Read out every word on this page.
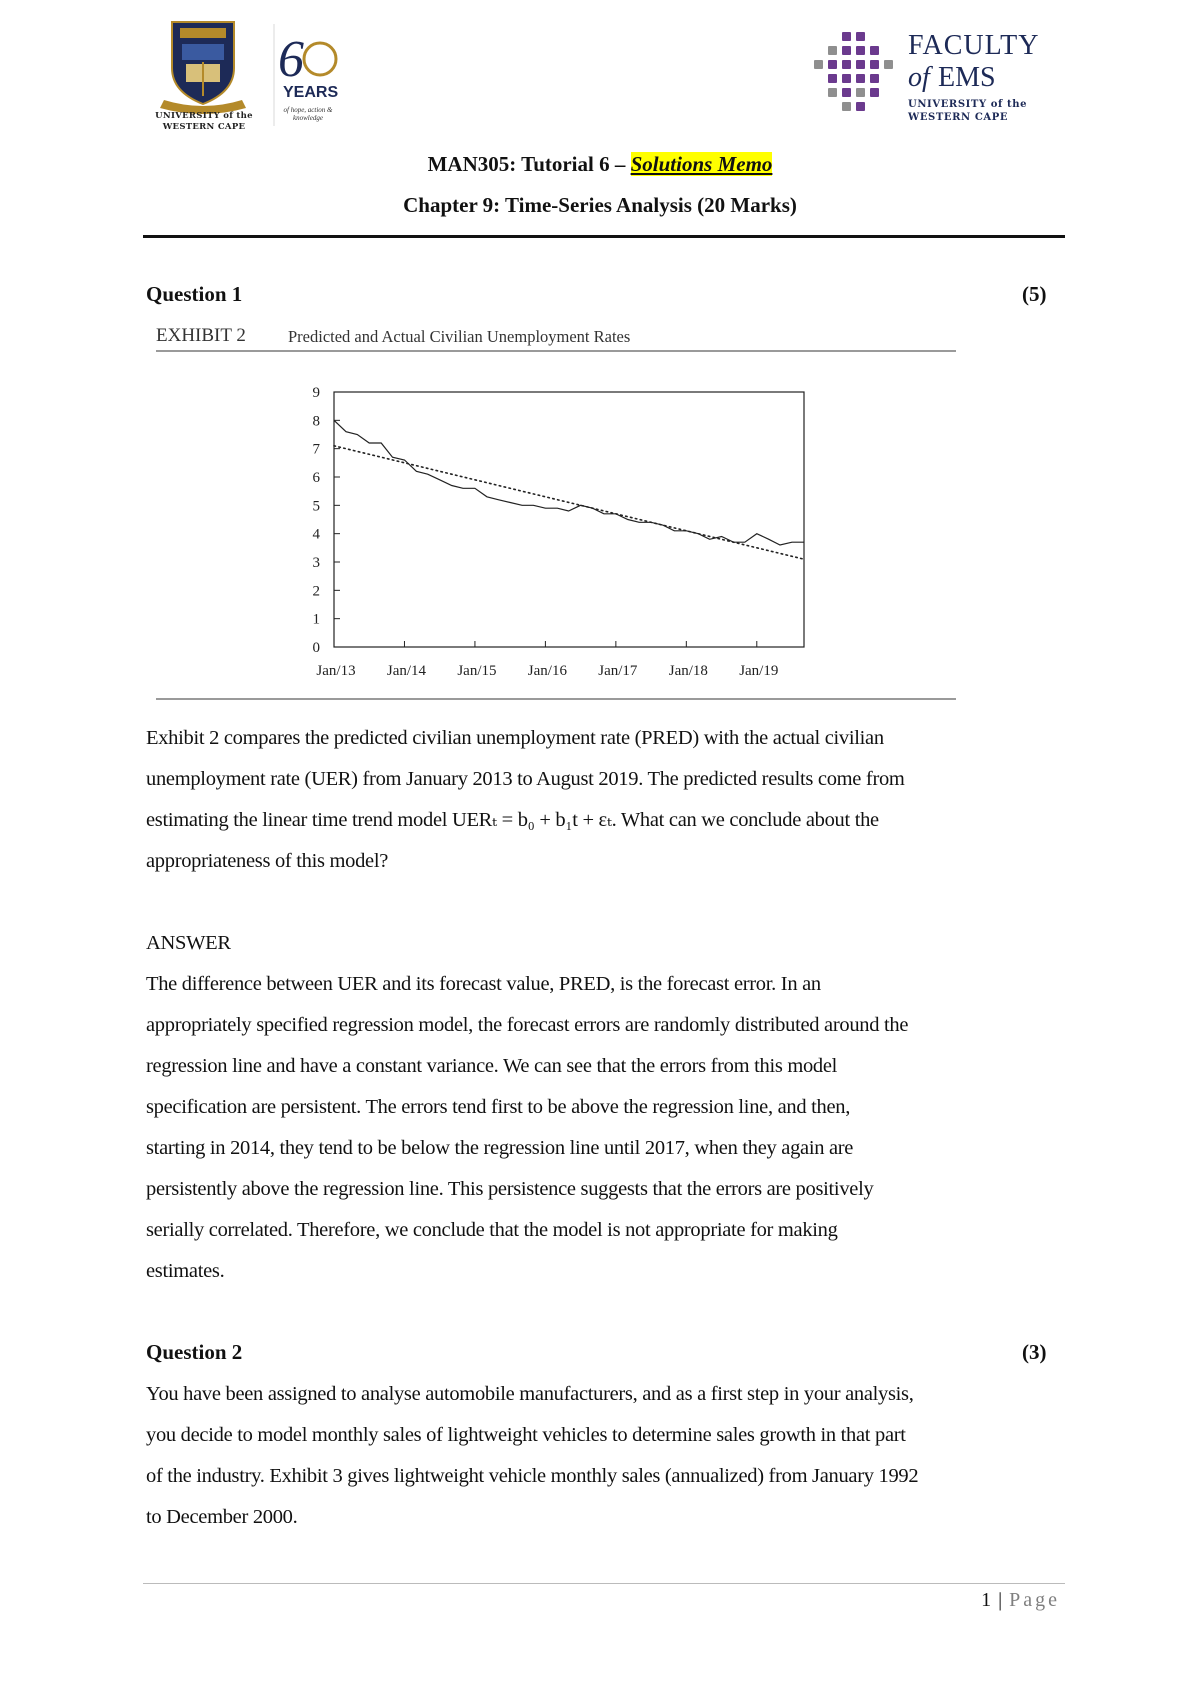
6
UNIVERSITY of the WESTERN CAPE
YEARS
of hope, action & knowledge
FACULTY
of EMS
UNIVERSITY of the WESTERN CAPE
MAN305: Tutorial 6 – Solutions Memo
Chapter 9: Time-Series Analysis (20 Marks)
Question 1	(5)
EXHIBIT 2	Predicted and Actual Civilian Unemployment Rates
0
1
2
3
4
5
6
7
8
9
Jan/13 Jan/14 Jan/15 Jan/16 Jan/17 Jan/18 Jan/19
Exhibit 2 compares the predicted civilian unemployment rate (PRED) with the actual civilian
unemployment rate (UER) from January 2013 to August 2019. The predicted results come from
estimating the linear time trend model UERₜ = b₀ + b₁t + εₜ. What can we conclude about the
appropriateness of this model?
ANSWER
The difference between UER and its forecast value, PRED, is the forecast error. In an
appropriately specified regression model, the forecast errors are randomly distributed around the
regression line and have a constant variance. We can see that the errors from this model
specification are persistent. The errors tend first to be above the regression line, and then,
starting in 2014, they tend to be below the regression line until 2017, when they again are
persistently above the regression line. This persistence suggests that the errors are positively
serially correlated. Therefore, we conclude that the model is not appropriate for making
estimates.
Question 2	(3)
You have been assigned to analyse automobile manufacturers, and as a first step in your analysis,
you decide to model monthly sales of lightweight vehicles to determine sales growth in that part
of the industry. Exhibit 3 gives lightweight vehicle monthly sales (annualized) from January 1992
to December 2000.
1 | Page
